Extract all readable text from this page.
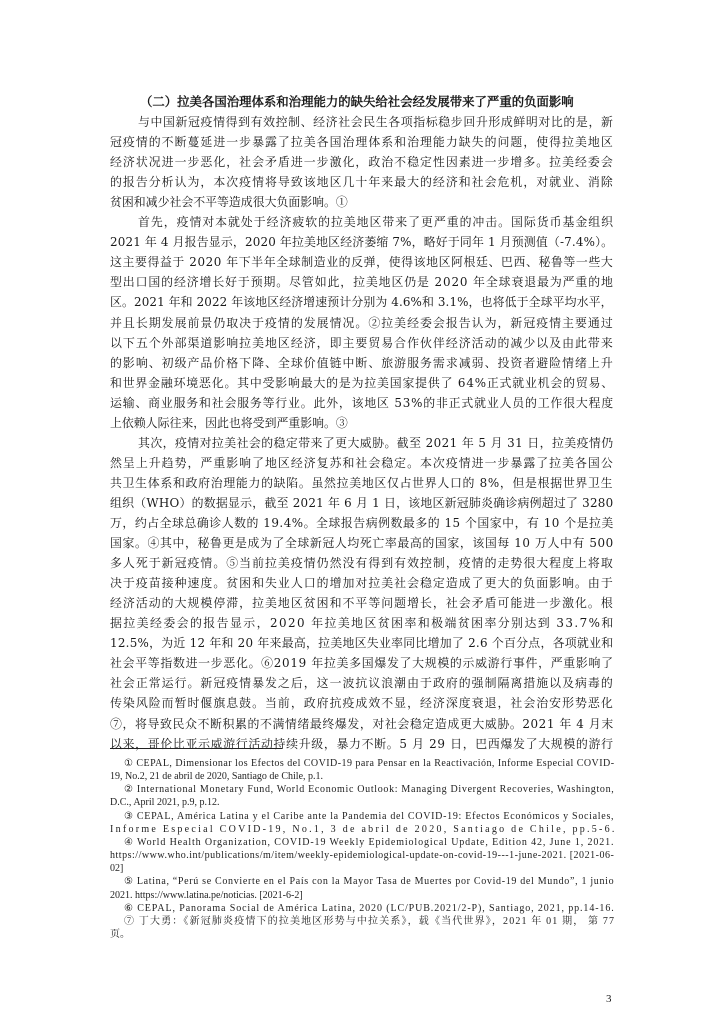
（二）拉美各国治理体系和治理能力的缺失给社会经发展带来了严重的负面影响
与中国新冠疫情得到有效控制、经济社会民生各项指标稳步回升形成鲜明对比的是，新
冠疫情的不断蔓延进一步暴露了拉美各国治理体系和治理能力缺失的问题，使得拉美地区
经济状况进一步恶化，社会矛盾进一步激化，政治不稳定性因素进一步增多。拉美经委会
的报告分析认为，本次疫情将导致该地区几十年来最大的经济和社会危机，对就业、消除
贫困和减少社会不平等造成很大负面影响。①
首先，疫情对本就处于经济疲软的拉美地区带来了更严重的冲击。国际货币基金组织
2021 年 4 月报告显示，2020 年拉美地区经济萎缩 7%，略好于同年 1 月预测值（-7.4%）。
这主要得益于 2020 年下半年全球制造业的反弹，使得该地区阿根廷、巴西、秘鲁等一些大
型出口国的经济增长好于预期。尽管如此，拉美地区仍是 2020 年全球衰退最为严重的地
区。2021 年和 2022 年该地区经济增速预计分别为 4.6%和 3.1%，也将低于全球平均水平，
并且长期发展前景仍取决于疫情的发展情况。②拉美经委会报告认为，新冠疫情主要通过
以下五个外部渠道影响拉美地区经济，即主要贸易合作伙伴经济活动的减少以及由此带来
的影响、初级产品价格下降、全球价值链中断、旅游服务需求减弱、投资者避险情绪上升
和世界金融环境恶化。其中受影响最大的是为拉美国家提供了 64%正式就业机会的贸易、
运输、商业服务和社会服务等行业。此外，该地区 53%的非正式就业人员的工作很大程度
上依赖人际往来，因此也将受到严重影响。③
其次，疫情对拉美社会的稳定带来了更大威胁。截至 2021 年 5 月 31 日，拉美疫情仍
然呈上升趋势，严重影响了地区经济复苏和社会稳定。本次疫情进一步暴露了拉美各国公
共卫生体系和政府治理能力的缺陷。虽然拉美地区仅占世界人口的 8%，但是根据世界卫生
组织（WHO）的数据显示，截至 2021 年 6 月 1 日，该地区新冠肺炎确诊病例超过了 3280
万，约占全球总确诊人数的 19.4%。全球报告病例数最多的 15 个国家中，有 10 个是拉美
国家。④其中，秘鲁更是成为了全球新冠人均死亡率最高的国家，该国每 10 万人中有 500
多人死于新冠疫情。⑤当前拉美疫情仍然没有得到有效控制，疫情的走势很大程度上将取
决于疫苗接种速度。贫困和失业人口的增加对拉美社会稳定造成了更大的负面影响。由于
经济活动的大规模停滞，拉美地区贫困和不平等问题增长，社会矛盾可能进一步激化。根
据拉美经委会的报告显示，2020 年拉美地区贫困率和极端贫困率分别达到 33.7%和
12.5%，为近 12 年和 20 年来最高，拉美地区失业率同比增加了 2.6 个百分点，各项就业和
社会平等指数进一步恶化。⑥2019 年拉美多国爆发了大规模的示威游行事件，严重影响了
社会正常运行。新冠疫情暴发之后，这一波抗议浪潮由于政府的强制隔离措施以及病毒的
传染风险而暂时偃旗息鼓。当前，政府抗疫成效不显，经济深度衰退，社会治安形势恶化
⑦，将导致民众不断积累的不满情绪最终爆发，对社会稳定造成更大威胁。2021 年 4 月末
以来，哥伦比亚示威游行活动持续升级，暴力不断。5 月 29 日，巴西爆发了大规模的游行
① CEPAL, Dimensionar los Efectos del COVID-19 para Pensar en la Reactivación, Informe Especial COVID-
19, No.2, 21 de abril de 2020, Santiago de Chile, p.1.
② International Monetary Fund, World Economic Outlook: Managing Divergent Recoveries, Washington,
D.C., April 2021, p.9, p.12.
③ CEPAL, América Latina y el Caribe ante la Pandemia del COVID-19: Efectos Económicos y Sociales,
Informe Especial COVID-19, No.1, 3 de abril de 2020, Santiago de Chile, pp.5-6.
④ World Health Organization, COVID-19 Weekly Epidemiological Update, Edition 42, June 1, 2021.
https://www.who.int/publications/m/item/weekly-epidemiological-update-on-covid-19---1-june-2021. [2021-06-
02]
⑤ Latina, “Perú se Convierte en el País con la Mayor Tasa de Muertes por Covid-19 del Mundo”, 1 junio
2021. https://www.latina.pe/noticias. [2021-6-2]
⑥ CEPAL, Panorama Social de América Latina, 2020 (LC/PUB.2021/2-P), Santiago, 2021, pp.14-16.
⑦ 丁大勇：《新冠肺炎疫情下的拉美地区形势与中拉关系》，载《当代世界》，2021 年 01 期， 第 77
页。
3
